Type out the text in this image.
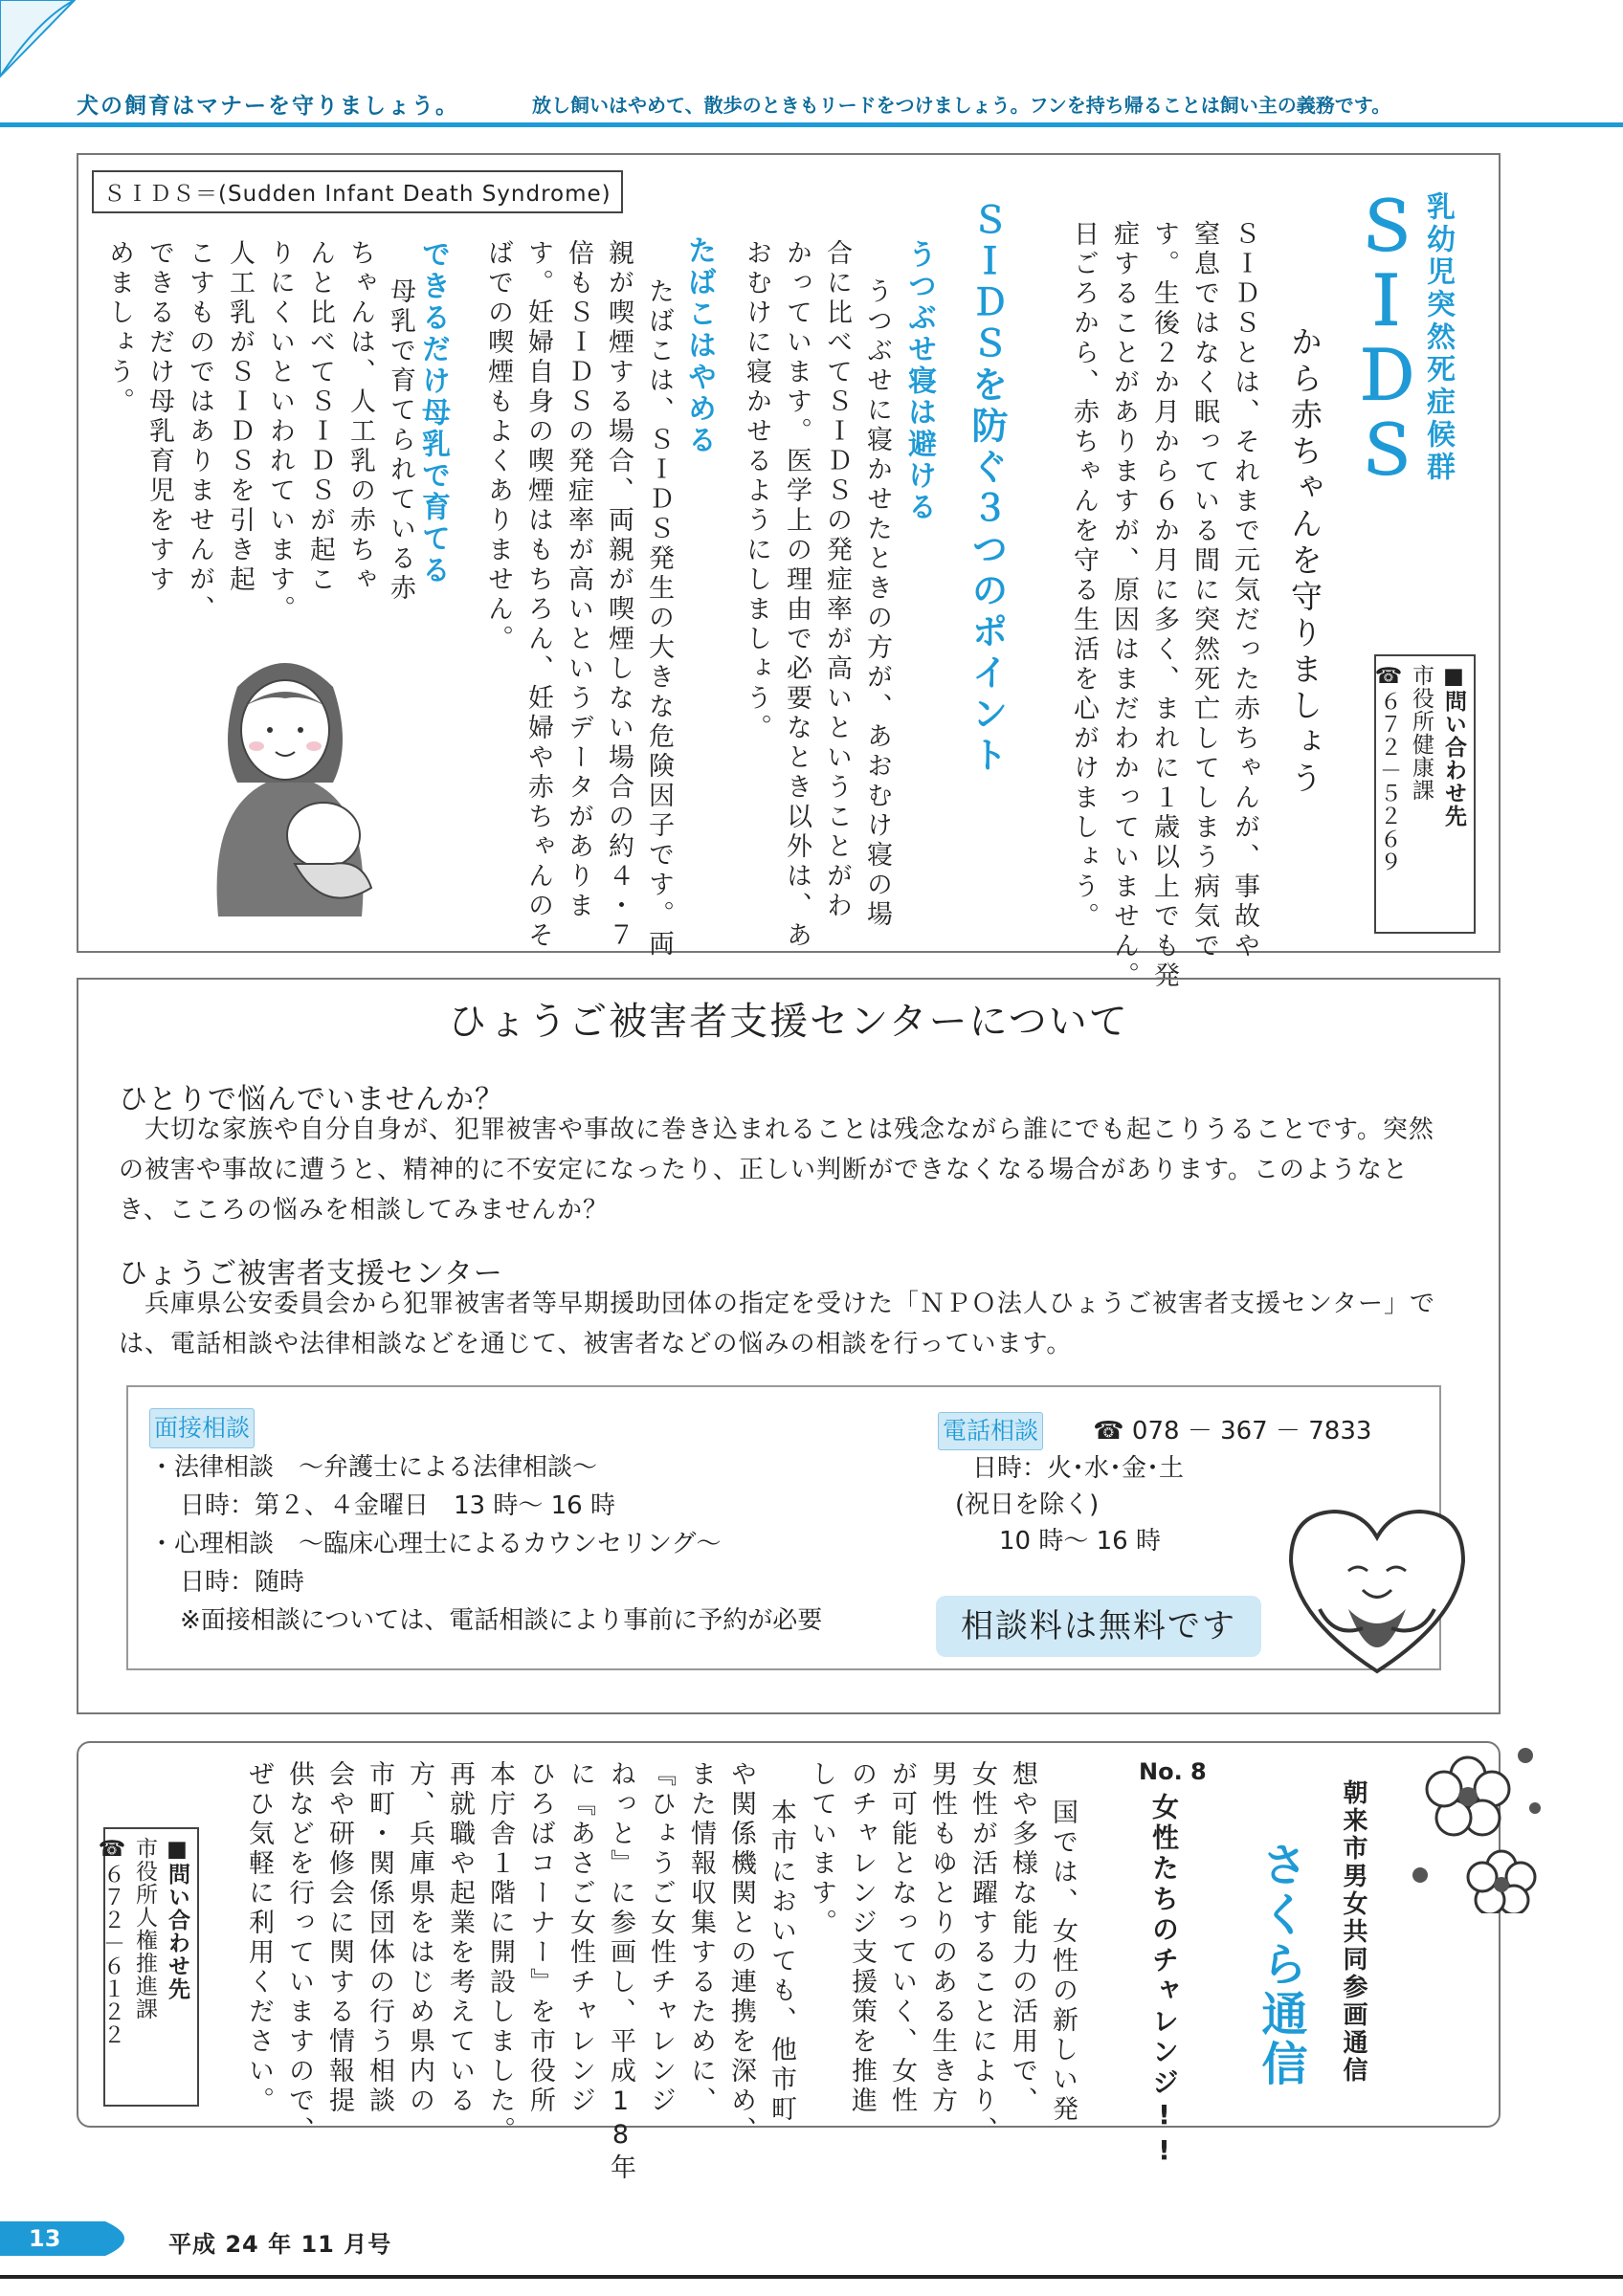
犬の飼育はマナーを守りましょう。	放し飼いはやめて、散歩のときもリードをつけましょう。フンを持ち帰ることは飼い主の義務です。
乳幼児突然死症候群
ＳＩＤＳ
から赤ちゃんを守りましょう	■問い合わせ先
市役所健康課
☎６７２－５２６９
ＳＩＤＳとは、それまで元気だった赤ちゃんが、事故や
窒息ではなく眠っている間に突然死亡してしまう病気で
す。生後２か月から６か月に多く、まれに１歳以上でも発
症することがありますが、原因はまだわかっていません。
日ごろから、赤ちゃんを守る生活を心がけましょう。
ＳＩＤＳを防ぐ３つのポイント
うつぶせ寝は避ける
うつぶせに寝かせたときの方が、あおむけ寝の場
合に比べてＳＩＤＳの発症率が高いということがわ
かっています。医学上の理由で必要なとき以外は、あ
おむけに寝かせるようにしましょう。
たばこはやめる
たばこは、ＳＩＤＳ発生の大きな危険因子です。両
親が喫煙する場合、両親が喫煙しない場合の約４・７
倍もＳＩＤＳの発症率が高いというデータがありま
す。妊婦自身の喫煙はもちろん、妊婦や赤ちゃんのそ
ばでの喫煙もよくありません。
できるだけ母乳で育てる
母乳で育てられている赤
ちゃんは、人工乳の赤ちゃ
んと比べてＳＩＤＳが起こ
りにくいといわれています。
人工乳がＳＩＤＳを引き起
こすものではありませんが、
できるだけ母乳育児をすす
めましょう。
ＳＩＤＳ＝(Sudden Infant Death Syndrome)
ひょうご被害者支援センターについて
ひとりで悩んでいませんか？
　大切な家族や自分自身が、犯罪被害や事故に巻き込まれることは残念ながら誰にでも起こりうることです。突然の被害や事故に遭うと、精神的に不安定になったり、正しい判断ができなくなる場合があります。このようなとき、こころの悩みを相談してみませんか？
ひょうご被害者支援センター
　兵庫県公安委員会から犯罪被害者等早期援助団体の指定を受けた「ＮＰＯ法人ひょうご被害者支援センター」では、電話相談や法律相談などを通じて、被害者などの悩みの相談を行っています。
面接相談
・法律相談　～弁護士による法律相談～
日時：第２、４金曜日　13 時～ 16 時
・心理相談　～臨床心理士によるカウンセリング～
日時：随時
※面接相談については、電話相談により事前に予約が必要
電話相談 ☎ 078 － 367 － 7833
日時：火･水･金･土
(祝日を除く)
10 時～ 16 時
相談料は無料です
朝来市男女共同参画通信
さくら通信
No. 8
女性たちのチャレンジ!!
国では、女性の新しい発
想や多様な能力の活用で、
女性が活躍することにより、
男性もゆとりのある生き方
が可能となっていく、女性
のチャレンジ支援策を推進
しています。
本市においても、他市町
や関係機関との連携を深め、
また情報収集するために、
『ひょうご女性チャレンジ
ねっと』に参画し、平成18年
に『あさご女性チャレンジ
ひろばコーナー』を市役所
本庁舎１階に開設しました。
再就職や起業を考えている
方、兵庫県をはじめ県内の
市町・関係団体の行う相談
会や研修会に関する情報提
供などを行っていますので、
ぜひ気軽に利用ください。
■問い合わせ先
市役所人権推進課
☎６７２－６１２２
13	平成 24 年 11 月号
